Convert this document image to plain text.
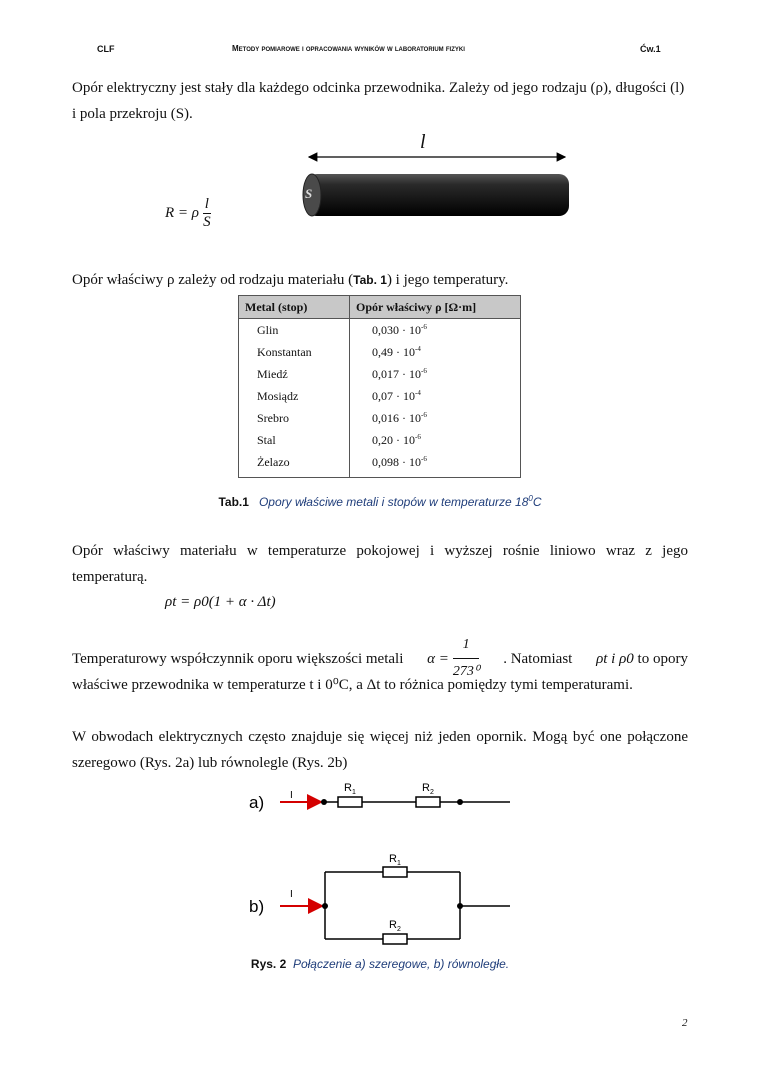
CLF	Metody pomiarowe i opracowania wyników w laboratorium fizyki	Ćw.1
Opór elektryczny jest stały dla każdego odcinka przewodnika. Zależy od jego rodzaju (ρ), długości (l) i pola przekroju (S).
l
S
R = ρ $\frac{l}{S}$
Opór właściwy ρ zależy od rodzaju materiału (Tab. 1) i jego temperatury.
Metal (stop)	Opór właściwy ρ [Ω·m]
Glin	$0,030 \cdot 10^{-6}$
Konstantan	$0,49 \cdot 10^{-4}$
Miedź	$0,017 \cdot 10^{-6}$
Mosiądz	$0,07 \cdot 10^{-4}$
Srebro	$0,016 \cdot 10^{-6}$
Stal	$0,20 \cdot 10^{-6}$
Żelazo	$0,098 \cdot 10^{-6}$
Tab.1 Opory właściwe metali i stopów w temperaturze $18^0C$
Opór właściwy materiału w temperaturze pokojowej i wyższej rośnie liniowo wraz z jego
temperaturą.
ρt = ρ0(1 + α · Δt)
Temperaturowy współczynnik oporu większości metali $\alpha = \frac{1}{\text{273⁰}}$ . Natomiast ρt i ρ0 to opory
właściwe przewodnika w temperaturze t i 0⁰C, a Δt to różnica pomiędzy tymi temperaturami.
W obwodach elektrycznych często znajduje się więcej niż jeden opornik. Mogą być one połączone
szeregowo (Rys. 2a) lub równolegle (Rys. 2b)
a)	I
$R_1$	$R_2$
b)
I
$R_1$
$R_2$
Rys. 2 Połączenie a) szeregowe, b) równoległe.
2
